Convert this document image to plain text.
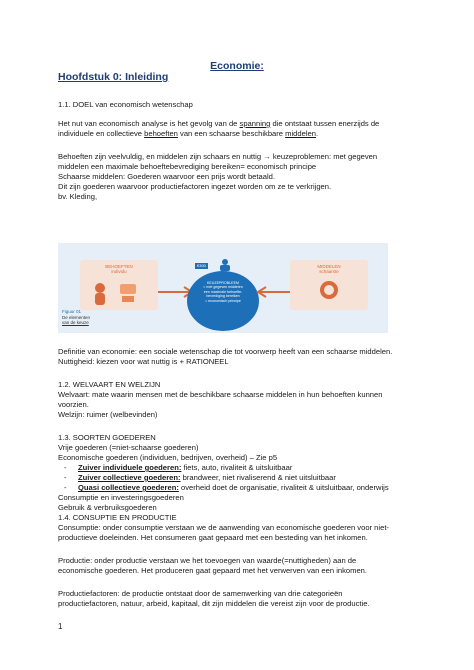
Economie:
Hoofdstuk 0: Inleiding
1.1. DOEL van economisch wetenschap
Het nut van economisch analyse is het gevolg van de spanning die ontstaat tussen enerzijds de
individuele en collectieve behoeften van een schaarse beschikbare middelen.
Behoeften zijn veelvuldig, en middelen zijn schaars en nuttig → keuzeproblemen: met gegeven
middelen een maximale behoeftebevrediging bereiken= economisch principe
Schaarse middelen: Goederen waarvoor een prijs wordt betaald.
Dit zijn goederen waarvoor productiefactoren ingezet worden om ze te verkrijgen.
bv. Kleding,
BEHOEFTEN
individu
€300
KEUZEPROBLEEM
= met gegeven middelen
een maximale behoefte-
bevrediging bereiken
= economisch principe
MIDDELEN
schaarste
Figuur 01
De elementen
van de keuze
Definitie van economie: een sociale wetenschap die tot voorwerp heeft van een schaarse middelen.
Nuttigheid: kiezen voor wat nuttig is + RATIONEEL
1.2. WELVAART EN WELZIJN
Welvaart: mate waarin mensen met de beschikbare schaarse middelen in hun behoeften kunnen
voorzien.
Welzijn: ruimer (welbevinden)
1.3. SOORTEN GOEDEREN
Vrije goederen (=niet-schaarse goederen)
Economische goederen (individuen, bedrijven, overheid) – Zie p5
- Zuiver individuele goederen: fiets, auto, rivaliteit & uitsluitbaar
- Zuiver collectieve goederen: brandweer, niet rivaliserend & niet uitsluitbaar
- Quasi collectieve goederen: overheid doet de organisatie, rivaliteit & uitsluitbaar, onderwijs
Consumptie en investeringsgoederen
Gebruik & verbruiksgoederen
1.4. CONSUPTIE EN PRODUCTIE
Consumptie: onder consumptie verstaan we de aanwending van economische goederen voor niet-
productieve doeleinden. Het consumeren gaat gepaard met een besteding van het inkomen.
Productie: onder productie verstaan we het toevoegen van waarde(=nuttigheden) aan de
economische goederen. Het produceren gaat gepaard met het verwerven van een inkomen.
Productiefactoren: de productie ontstaat door de samenwerking van drie categorieën
productiefactoren, natuur, arbeid, kapitaal, dit zijn middelen die vereist zijn voor de productie.
1
